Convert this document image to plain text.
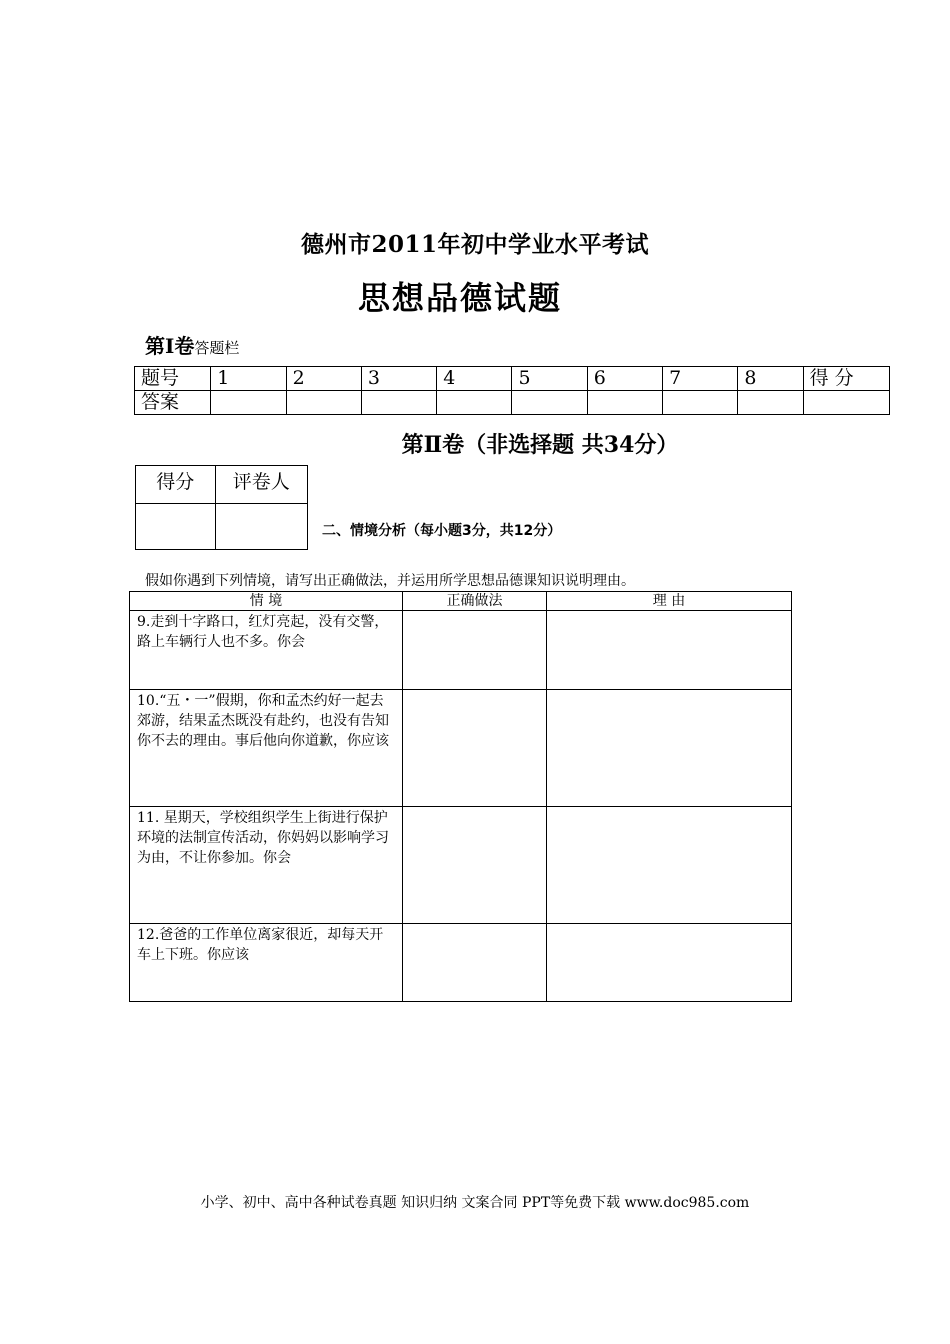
德州市2011年初中学业水平考试
思想品德试题
第Ⅰ卷答题栏
题号	1	2	3	4	5	6	7	8	得 分
答案									
第Ⅱ卷（非选择题 共34分）
得分	评卷人

二、情境分析（每小题3分，共12分）
假如你遇到下列情境，请写出正确做法，并运用所学思想品德课知识说明理由。
情 境	正确做法	理 由
9.走到十字路口，红灯亮起，没有交警，路上车辆行人也不多。你会		
10.“五・一”假期，你和孟杰约好一起去郊游，结果孟杰既没有赴约，也没有告知你不去的理由。事后他向你道歉，你应该		
11. 星期天，学校组织学生上街进行保护环境的法制宣传活动，你妈妈以影响学习为由，不让你参加。你会		
12.爸爸的工作单位离家很近，却每天开车上下班。你应该		
小学、初中、高中各种试卷真题 知识归纳 文案合同 PPT等免费下载 www.doc985.com
